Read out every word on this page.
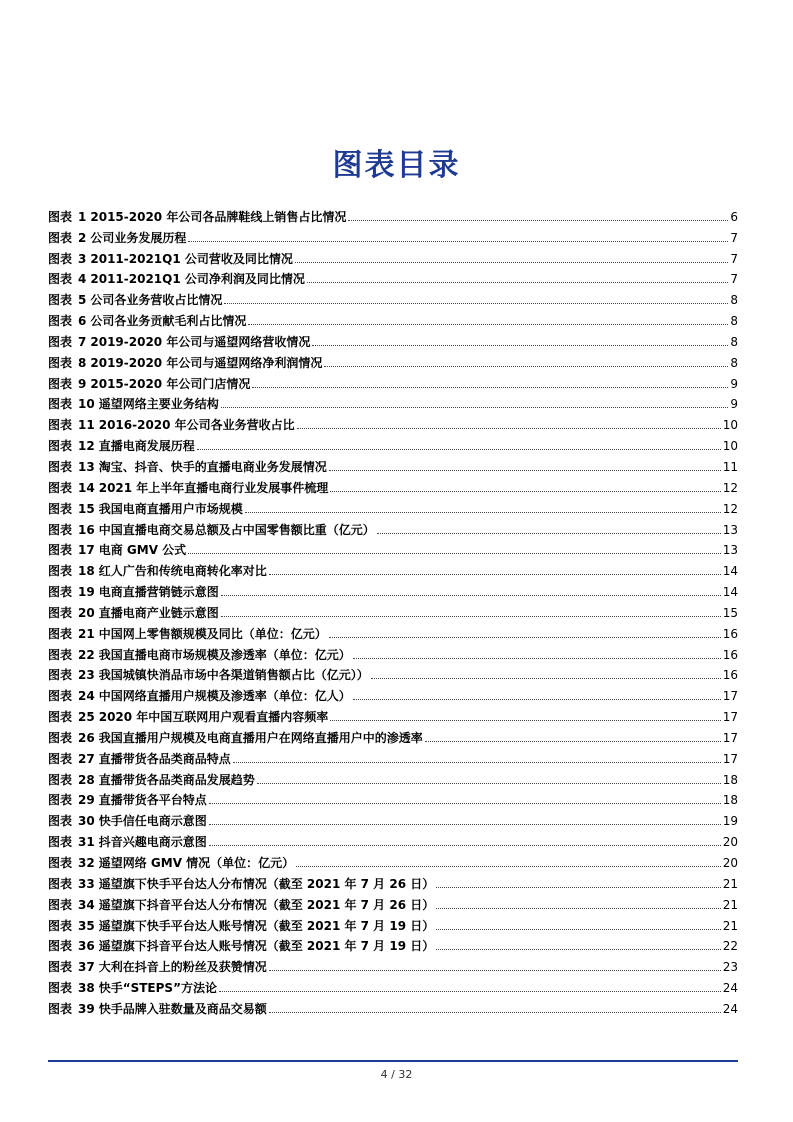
图表目录
图表 1 2015-2020 年公司各品牌鞋线上销售占比情况	6
图表 2 公司业务发展历程	7
图表 3 2011-2021Q1 公司营收及同比情况	7
图表 4 2011-2021Q1 公司净利润及同比情况	7
图表 5 公司各业务营收占比情况	8
图表 6 公司各业务贡献毛利占比情况	8
图表 7 2019-2020 年公司与遥望网络营收情况	8
图表 8 2019-2020 年公司与遥望网络净利润情况	8
图表 9 2015-2020 年公司门店情况	9
图表 10 遥望网络主要业务结构	9
图表 11 2016-2020 年公司各业务营收占比	10
图表 12 直播电商发展历程	10
图表 13 淘宝、抖音、快手的直播电商业务发展情况	11
图表 14 2021 年上半年直播电商行业发展事件梳理	12
图表 15 我国电商直播用户市场规模	12
图表 16 中国直播电商交易总额及占中国零售额比重（亿元）	13
图表 17 电商 GMV 公式	13
图表 18 红人广告和传统电商转化率对比	14
图表 19 电商直播营销链示意图	14
图表 20 直播电商产业链示意图	15
图表 21 中国网上零售额规模及同比（单位：亿元）	16
图表 22 我国直播电商市场规模及渗透率（单位：亿元）	16
图表 23 我国城镇快消品市场中各渠道销售额占比（亿元））	16
图表 24 中国网络直播用户规模及渗透率（单位：亿人）	17
图表 25 2020 年中国互联网用户观看直播内容频率	17
图表 26 我国直播用户规模及电商直播用户在网络直播用户中的渗透率	17
图表 27 直播带货各品类商品特点	17
图表 28 直播带货各品类商品发展趋势	18
图表 29 直播带货各平台特点	18
图表 30 快手信任电商示意图	19
图表 31 抖音兴趣电商示意图	20
图表 32 遥望网络 GMV 情况（单位：亿元）	20
图表 33 遥望旗下快手平台达人分布情况（截至 2021 年 7 月 26 日）	21
图表 34 遥望旗下抖音平台达人分布情况（截至 2021 年 7 月 26 日）	21
图表 35 遥望旗下快手平台达人账号情况（截至 2021 年 7 月 19 日）	21
图表 36 遥望旗下抖音平台达人账号情况（截至 2021 年 7 月 19 日）	22
图表 37 大利在抖音上的粉丝及获赞情况	23
图表 38 快手“STEPS”方法论	24
图表 39 快手品牌入驻数量及商品交易额	24
4 / 32
